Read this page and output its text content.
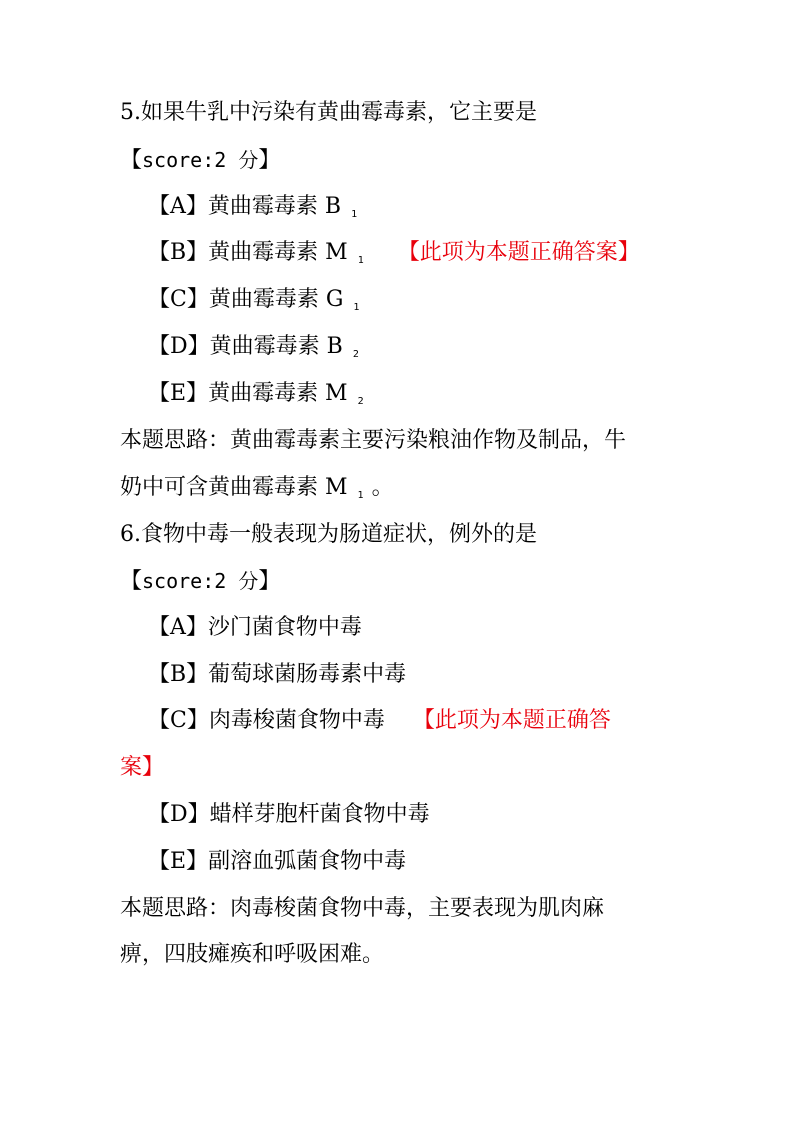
5.如果牛乳中污染有黄曲霉毒素，它主要是
【score:2 分】
【A】黄曲霉毒素 B $_1$
【B】黄曲霉毒素 M $_1$ 【此项为本题正确答案】
【C】黄曲霉毒素 G $_1$
【D】黄曲霉毒素 B $_2$
【E】黄曲霉毒素 M $_2$
本题思路：黄曲霉毒素主要污染粮油作物及制品，牛
奶中可含黄曲霉毒素 M $_1$ 。
6.食物中毒一般表现为肠道症状，例外的是
【score:2 分】
【A】沙门菌食物中毒
【B】葡萄球菌肠毒素中毒
【C】肉毒梭菌食物中毒 【此项为本题正确答
案】
【D】蜡样芽胞杆菌食物中毒
【E】副溶血弧菌食物中毒
本题思路：肉毒梭菌食物中毒，主要表现为肌肉麻
痹，四肢瘫痪和呼吸困难。
